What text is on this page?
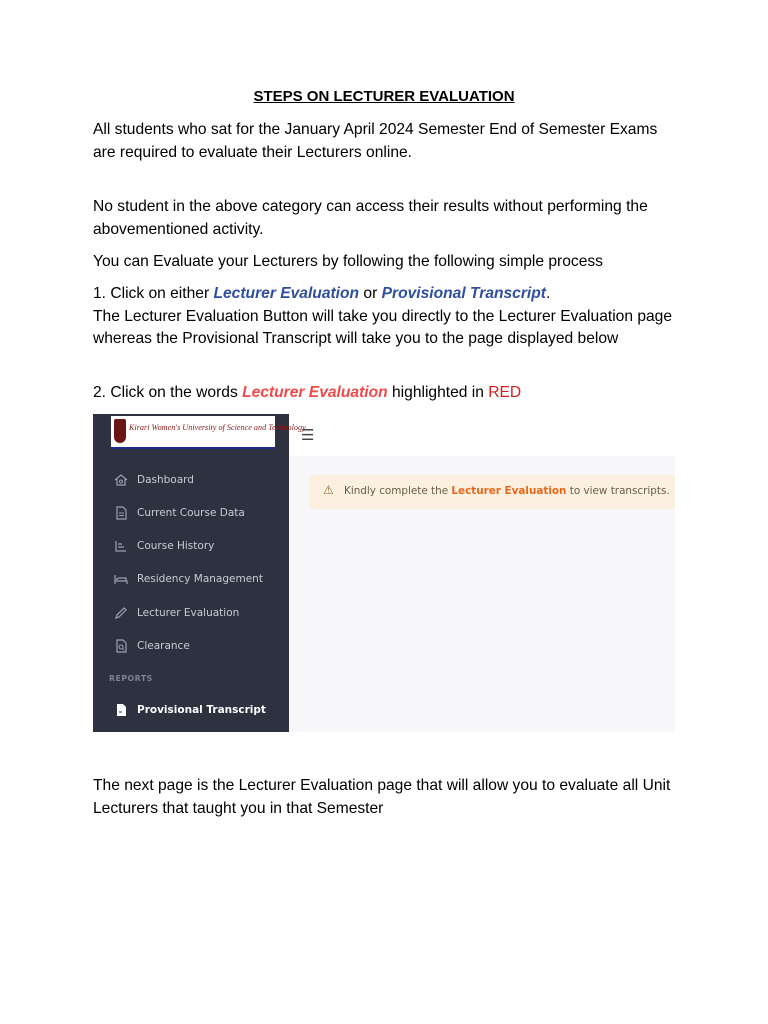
STEPS ON LECTURER EVALUATION

All students who sat for the January April 2024 Semester End of Semester Exams are required to evaluate their Lecturers online.

No student in the above category can access their results without performing the abovementioned activity.

You can Evaluate your Lecturers by following the following simple process

1. Click on either Lecturer Evaluation or Provisional Transcript.
The Lecturer Evaluation Button will take you directly to the Lecturer Evaluation page whereas the Provisional Transcript will take you to the page displayed below

2. Click on the words Lecturer Evaluation highlighted in RED

☰
Kirari Women's University of Science and Technology
Dashboard
Current Course Data
Course History
Residency Management
Lecturer Evaluation
Clearance
REPORTS
Provisional Transcript
⚠ Kindly complete the Lecturer Evaluation to view transcripts.

The next page is the Lecturer Evaluation page that will allow you to evaluate all Unit Lecturers that taught you in that Semester
